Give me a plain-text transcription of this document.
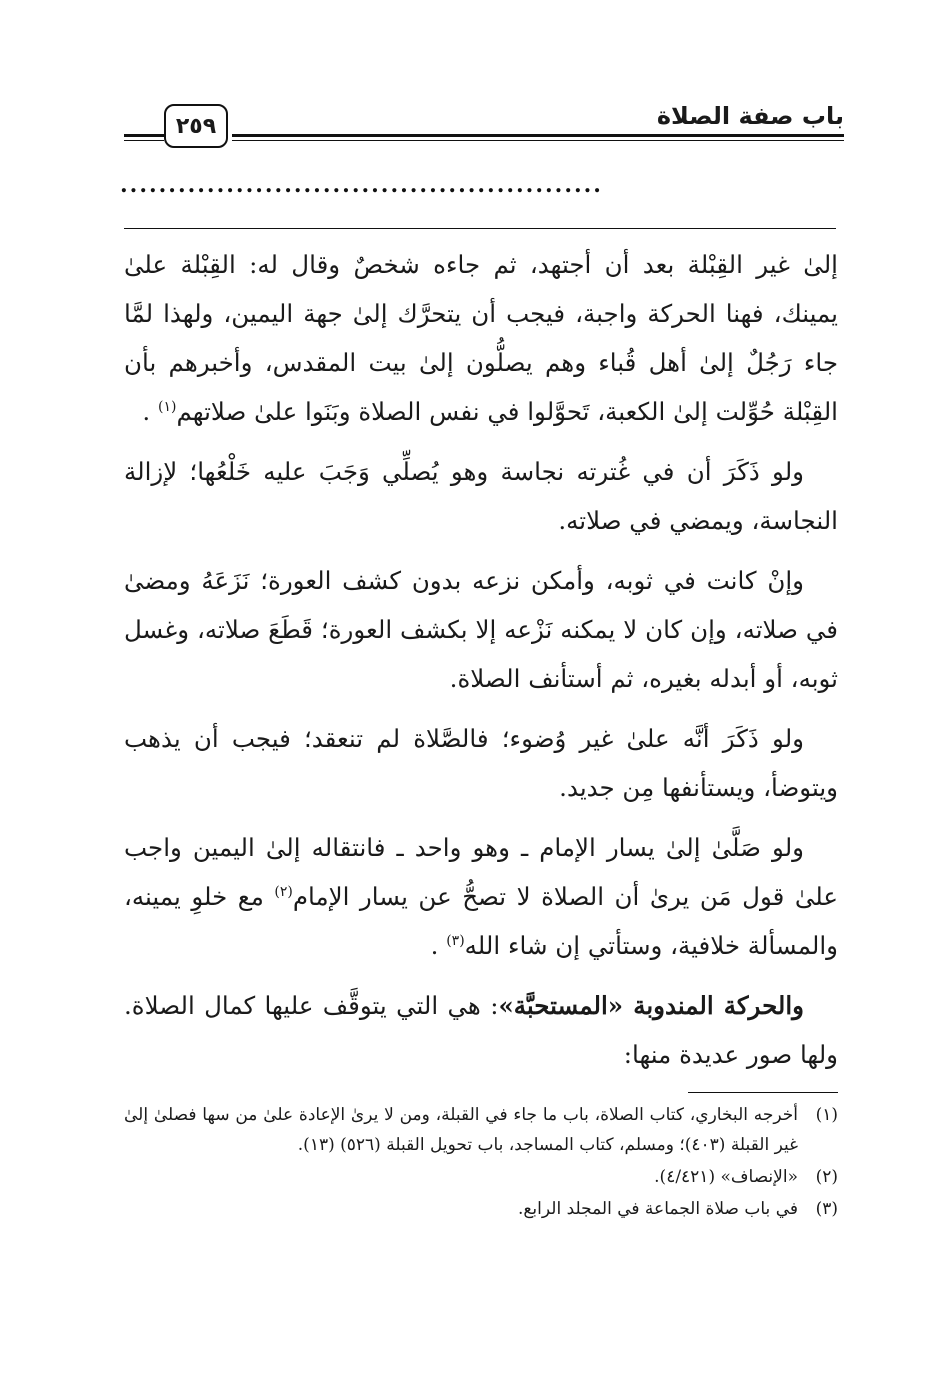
باب صفة الصلاة
٢٥٩
..................................................

إلىٰ غير القِبْلة بعد أن أجتهد، ثم جاءه شخصٌ وقال له: القِبْلة علىٰ يمينك، فهنا الحركة واجبة، فيجب أن يتحرَّك إلىٰ جهة اليمين، ولهذا لمَّا جاء رَجُلٌ إلىٰ أهل قُباء وهم يصلُّون إلىٰ بيت المقدس، وأخبرهم بأن القِبْلة حُوِّلت إلىٰ الكعبة، تَحوَّلوا في نفس الصلاة وبَنَوا علىٰ صلاتهم$^{(١)}$ .

ولو ذَكَرَ أن في غُترته نجاسة وهو يُصلِّي وَجَبَ عليه خَلْعُها؛ لإزالة النجاسة، ويمضي في صلاته.

وإنْ كانت في ثوبه، وأمكن نزعه بدون كشف العورة؛ نَزَعَهُ ومضىٰ في صلاته، وإن كان لا يمكنه نَزْعه إلا بكشف العورة؛ قَطَعَ صلاته، وغسل ثوبه، أو أبدله بغيره، ثم أستأنف الصلاة.

ولو ذَكَرَ أنَّه علىٰ غير وُضوء؛ فالصَّلاة لم تنعقد؛ فيجب أن يذهب ويتوضأ، ويستأنفها مِن جديد.

ولو صَلَّىٰ إلىٰ يسار الإمام ـ وهو واحد ـ فانتقاله إلىٰ اليمين واجب علىٰ قول مَن يرىٰ أن الصلاة لا تصحُّ عن يسار الإمام$^{(٢)}$ مع خلوِ يمينه، والمسألة خلافية، وستأتي إن شاء الله$^{(٣)}$ .

والحركة المندوبة «المستحبَّة»: هي التي يتوقَّف عليها كمال الصلاة. ولها صور عديدة منها:

(١)
أخرجه البخاري، كتاب الصلاة، باب ما جاء في القبلة، ومن لا يرىٰ الإعادة علىٰ من سها فصلىٰ إلىٰ غير القبلة (٤٠٣)؛ ومسلم، كتاب المساجد، باب تحويل القبلة (٥٢٦) (١٣).
(٢)
«الإنصاف» (٤/٤٢١).
(٣)
في باب صلاة الجماعة في المجلد الرابع.
